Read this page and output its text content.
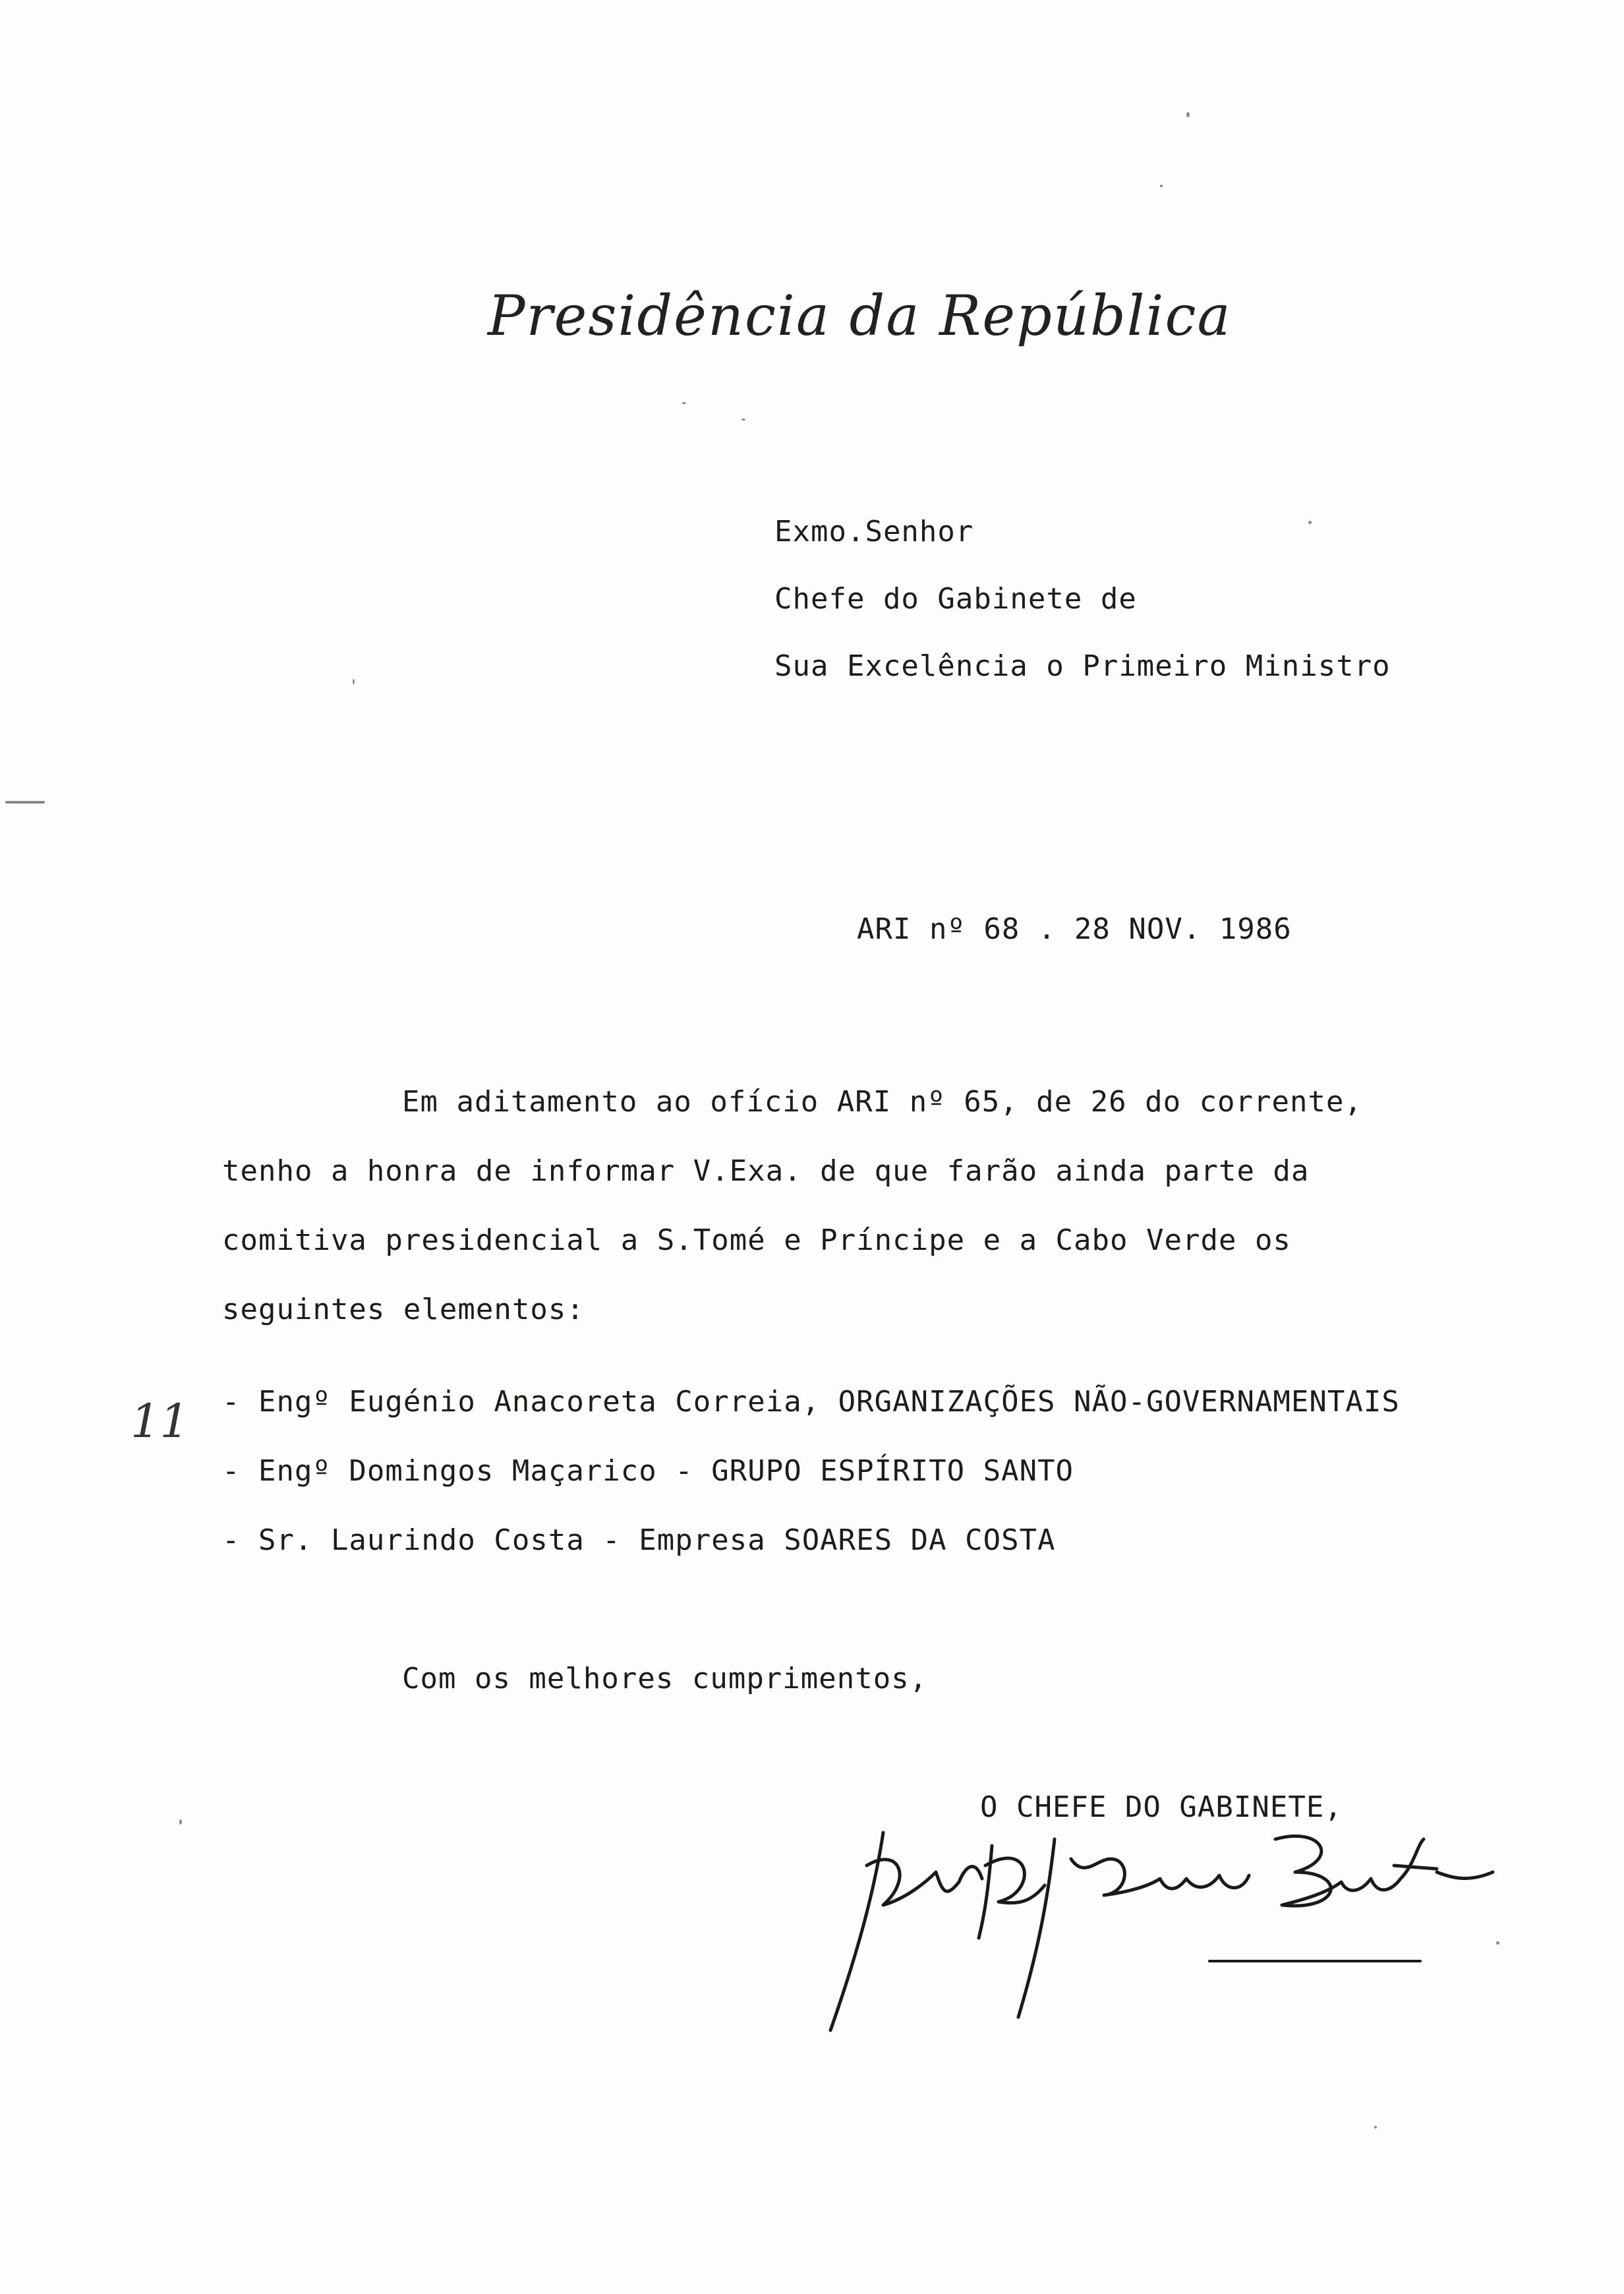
Presidência da República
Exmo.Senhor
Chefe do Gabinete de
Sua Excelência o Primeiro Ministro
ARI nº 68 . 28 NOV. 1986
Em aditamento ao ofício ARI nº 65, de 26 do corrente,
tenho a honra de informar V.Exa. de que farão ainda parte da
comitiva presidencial a S.Tomé e Príncipe e a Cabo Verde os
seguintes elementos:
11 - Engº Eugénio Anacoreta Correia, ORGANIZAÇÕES NÃO-GOVERNAMENTAIS
- Engº Domingos Maçarico - GRUPO ESPÍRITO SANTO
- Sr. Laurindo Costa - Empresa SOARES DA COSTA
Com os melhores cumprimentos,
O CHEFE DO GABINETE,
